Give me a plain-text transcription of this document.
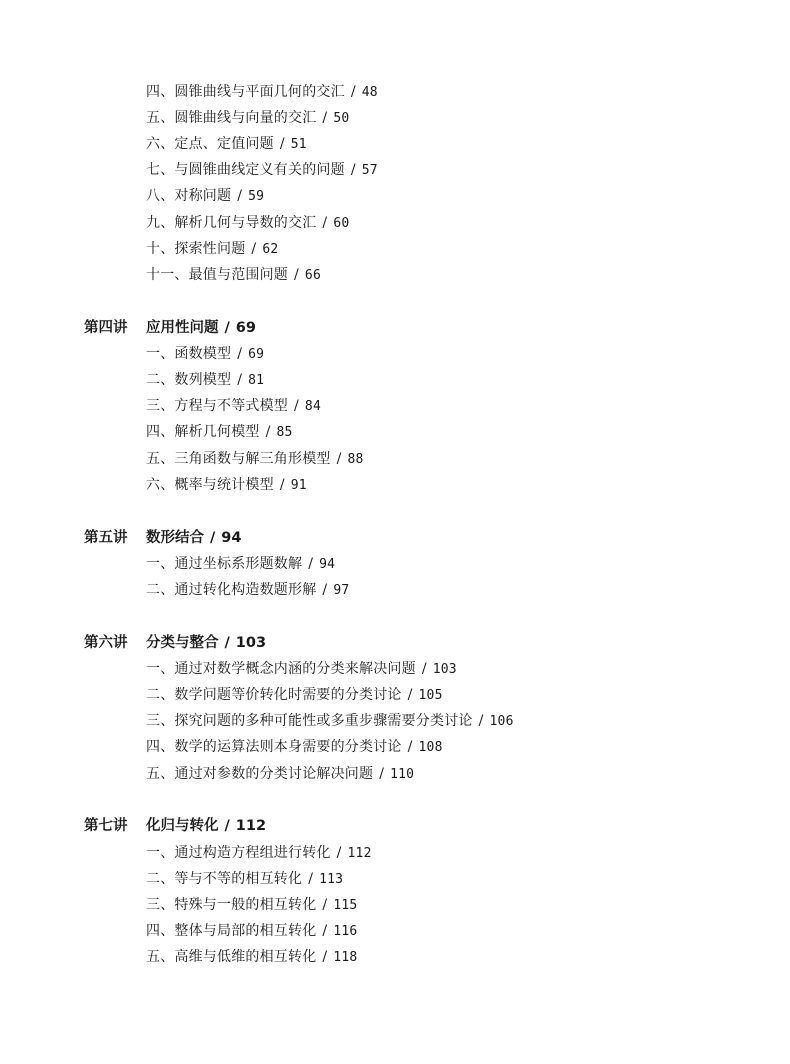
四、圆锥曲线与平面几何的交汇 / 48
五、圆锥曲线与向量的交汇 / 50
六、定点、定值问题 / 51
七、与圆锥曲线定义有关的问题 / 57
八、对称问题 / 59
九、解析几何与导数的交汇 / 60
十、探索性问题 / 62
十一、最值与范围问题 / 66
第四讲 应用性问题 / 69
一、函数模型 / 69
二、数列模型 / 81
三、方程与不等式模型 / 84
四、解析几何模型 / 85
五、三角函数与解三角形模型 / 88
六、概率与统计模型 / 91
第五讲 数形结合 / 94
一、通过坐标系形题数解 / 94
二、通过转化构造数题形解 / 97
第六讲 分类与整合 / 103
一、通过对数学概念内涵的分类来解决问题 / 103
二、数学问题等价转化时需要的分类讨论 / 105
三、探究问题的多种可能性或多重步骤需要分类讨论 / 106
四、数学的运算法则本身需要的分类讨论 / 108
五、通过对参数的分类讨论解决问题 / 110
第七讲 化归与转化 / 112
一、通过构造方程组进行转化 / 112
二、等与不等的相互转化 / 113
三、特殊与一般的相互转化 / 115
四、整体与局部的相互转化 / 116
五、高维与低维的相互转化 / 118
